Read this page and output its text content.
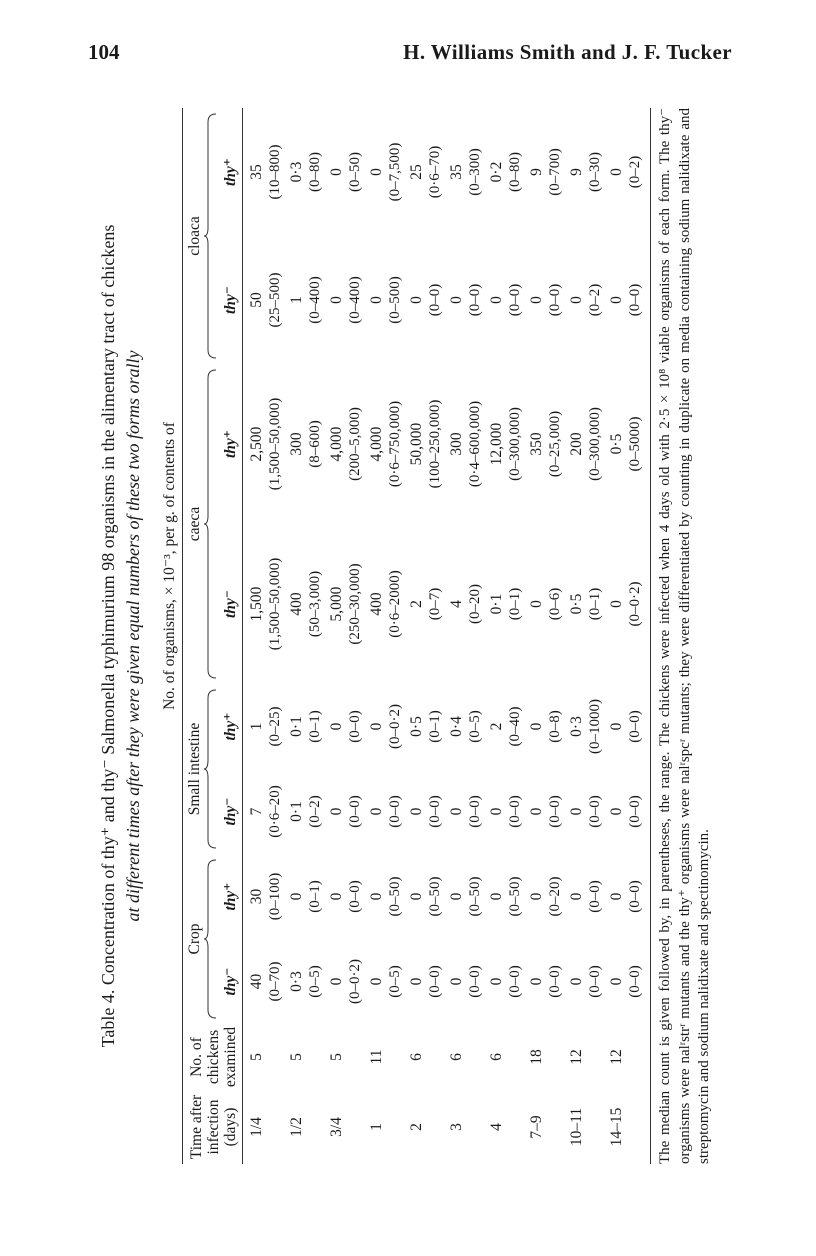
104	H. Williams Smith and J. F. Tucker
Table 4. Concentration of thy⁺ and thy⁻ Salmonella typhimurium 98 organisms in the alimentary tract of chickens at different times after they were given equal numbers of these two forms orally No. of organisms, × 10⁻³, per g. of contents of
Time after infection (days)
No. of chickens examined
Crop
Small intestine
caeca
cloaca
thy⁻
thy⁺
thy⁻
thy⁺
thy⁻
thy⁺
thy⁻
thy⁺
1/4
5
40 (0–70)
30 (0–100)
7 (0·6–20)
1 (0–25)
1,500 (1,500–50,000)
2,500 (1,500–50,000)
50 (25–500)
35 (10–800)
1/2
5
0·3 (0–5)
0 (0–1)
0·1 (0–2)
0·1 (0–1)
400 (50–3,000)
300 (8–600)
1 (0–400)
0·3 (0–80)
3/4
5
0 (0–0·2)
0 (0–0)
0 (0–0)
0 (0–0)
5,000 (250–30,000)
4,000 (200–5,000)
0 (0–400)
0 (0–50)
1
11
0 (0–5)
0 (0–50)
0 (0–0)
0 (0–0·2)
400 (0·6–2000)
4,000 (0·6–750,000)
0 (0–500)
0 (0–7,500)
2
6
0 (0–0)
0 (0–50)
0 (0–0)
0·5 (0–1)
2 (0–7)
50,000 (100–250,000)
0 (0–0)
25 (0·6–70)
3
6
0 (0–0)
0 (0–50)
0 (0–0)
0·4 (0–5)
4 (0–20)
300 (0·4–600,000)
0 (0–0)
35 (0–300)
4
6
0 (0–0)
0 (0–50)
0 (0–0)
2 (0–40)
0·1 (0–1)
12,000 (0–300,000)
0 (0–0)
0·2 (0–80)
7–9
18
0 (0–0)
0 (0–20)
0 (0–0)
0 (0–8)
0 (0–6)
350 (0–25,000)
0 (0–0)
9 (0–700)
10–11
12
0 (0–0)
0 (0–0)
0 (0–0)
0·3 (0–1000)
0·5 (0–1)
200 (0–300,000)
0 (0–2)
9 (0–30)
14–15
12
0 (0–0)
0 (0–0)
0 (0–0)
0 (0–0)
0 (0–0·2)
0·5 (0–5000)
0 (0–0)
0 (0–2) The median count is given followed by, in parentheses, the range. The chickens were infected when 4 days old with 2·5 × 10⁸ viable organisms of each form. The thy⁻ organisms were nalʳstrʳ mutants and the thy⁺ organisms were nalʳspcʳ mutants; they were differentiated by counting in duplicate on media containing sodium nalidixate and streptomycin and sodium nalidixate and spectinomycin.
